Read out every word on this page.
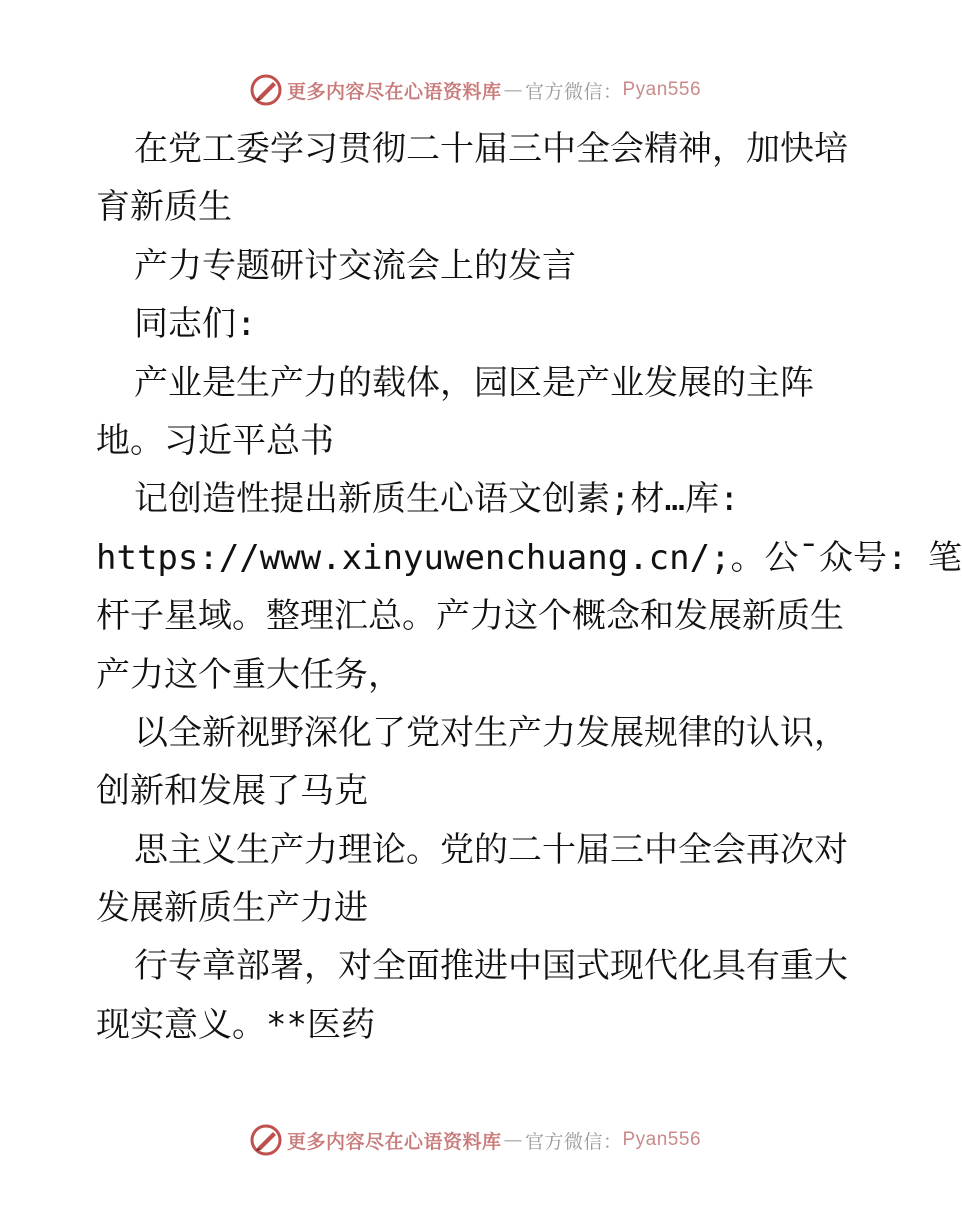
更多内容尽在心语资料库 — 官方微信： Pyan556
在党工委学习贯彻二十届三中全会精神，加快培
育新质生
产力专题研讨交流会上的发言
同志们:
产业是生产力的载体，园区是产业发展的主阵
地。习近平总书
记创造性提出新质生心语文创素;材…库:
https://www.xinyuwenchuang.cn/;。公¯众号: 笔
杆子星域。整理汇总。产力这个概念和发展新质生
产力这个重大任务，
以全新视野深化了党对生产力发展规律的认识，
创新和发展了马克
思主义生产力理论。党的二十届三中全会再次对
发展新质生产力进
行专章部署，对全面推进中国式现代化具有重大
现实意义。**医药
更多内容尽在心语资料库 — 官方微信： Pyan556
